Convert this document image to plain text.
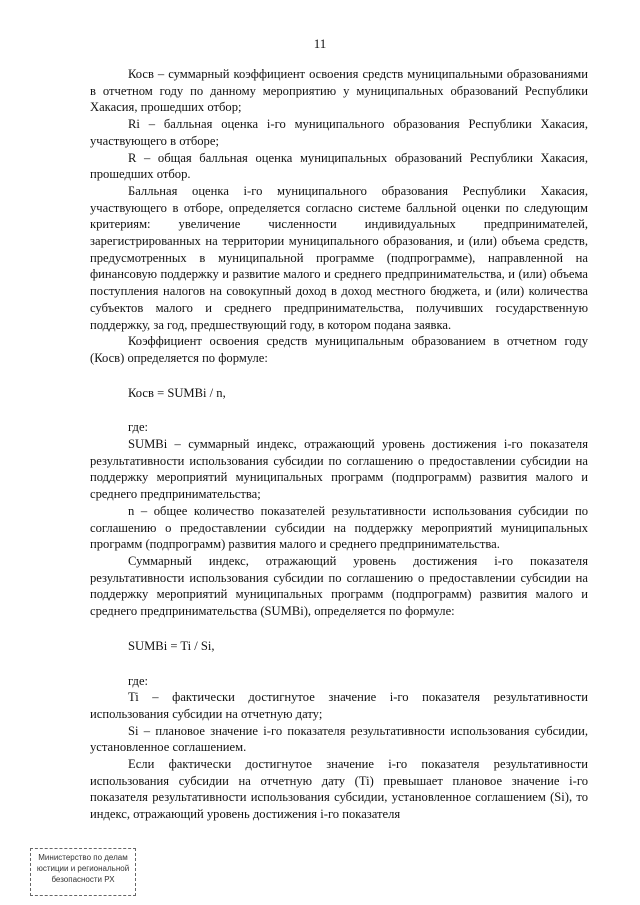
11

Косв – суммарный коэффициент освоения средств муниципальными образованиями в отчетном году по данному мероприятию у муниципальных образований Республики Хакасия, прошедших отбор;

Ri – балльная оценка i-го муниципального образования Республики Хакасия, участвующего в отборе;

R – общая балльная оценка муниципальных образований Республики Хакасия, прошедших отбор.

Балльная оценка i-го муниципального образования Республики Хакасия, участвующего в отборе, определяется согласно системе балльной оценки по следующим критериям: увеличение численности индивидуальных предпринимателей, зарегистрированных на территории муниципального образования, и (или) объема средств, предусмотренных в муниципальной программе (подпрограмме), направленной на финансовую поддержку и развитие малого и среднего предпринимательства, и (или) объема поступления налогов на совокупный доход в доход местного бюджета, и (или) количества субъектов малого и среднего предпринимательства, получивших государственную поддержку, за год, предшествующий году, в котором подана заявка.

Коэффициент освоения средств муниципальным образованием в отчетном году (Косв) определяется по формуле:

Косв = SUMBi / n,

где:

SUMBi – суммарный индекс, отражающий уровень достижения i-го показателя результативности использования субсидии по соглашению о предоставлении субсидии на поддержку мероприятий муниципальных программ (подпрограмм) развития малого и среднего предпринимательства;

n – общее количество показателей результативности использования субсидии по соглашению о предоставлении субсидии на поддержку мероприятий муниципальных программ (подпрограмм) развития малого и среднего предпринимательства.

Суммарный индекс, отражающий уровень достижения i-го показателя результативности использования субсидии по соглашению о предоставлении субсидии на поддержку мероприятий муниципальных программ (подпрограмм) развития малого и среднего предпринимательства (SUMBi), определяется по формуле:

SUMBi = Ti / Si,

где:

Ti – фактически достигнутое значение i-го показателя результативности использования субсидии на отчетную дату;

Si – плановое значение i-го показателя результативности использования субсидии, установленное соглашением.

Если фактически достигнутое значение i-го показателя результативности использования субсидии на отчетную дату (Ti) превышает плановое значение i-го показателя результативности использования субсидии, установленное соглашением (Si), то индекс, отражающий уровень достижения i-го показателя

Министерство по делам
юстиции и региональной
безопасности РХ
